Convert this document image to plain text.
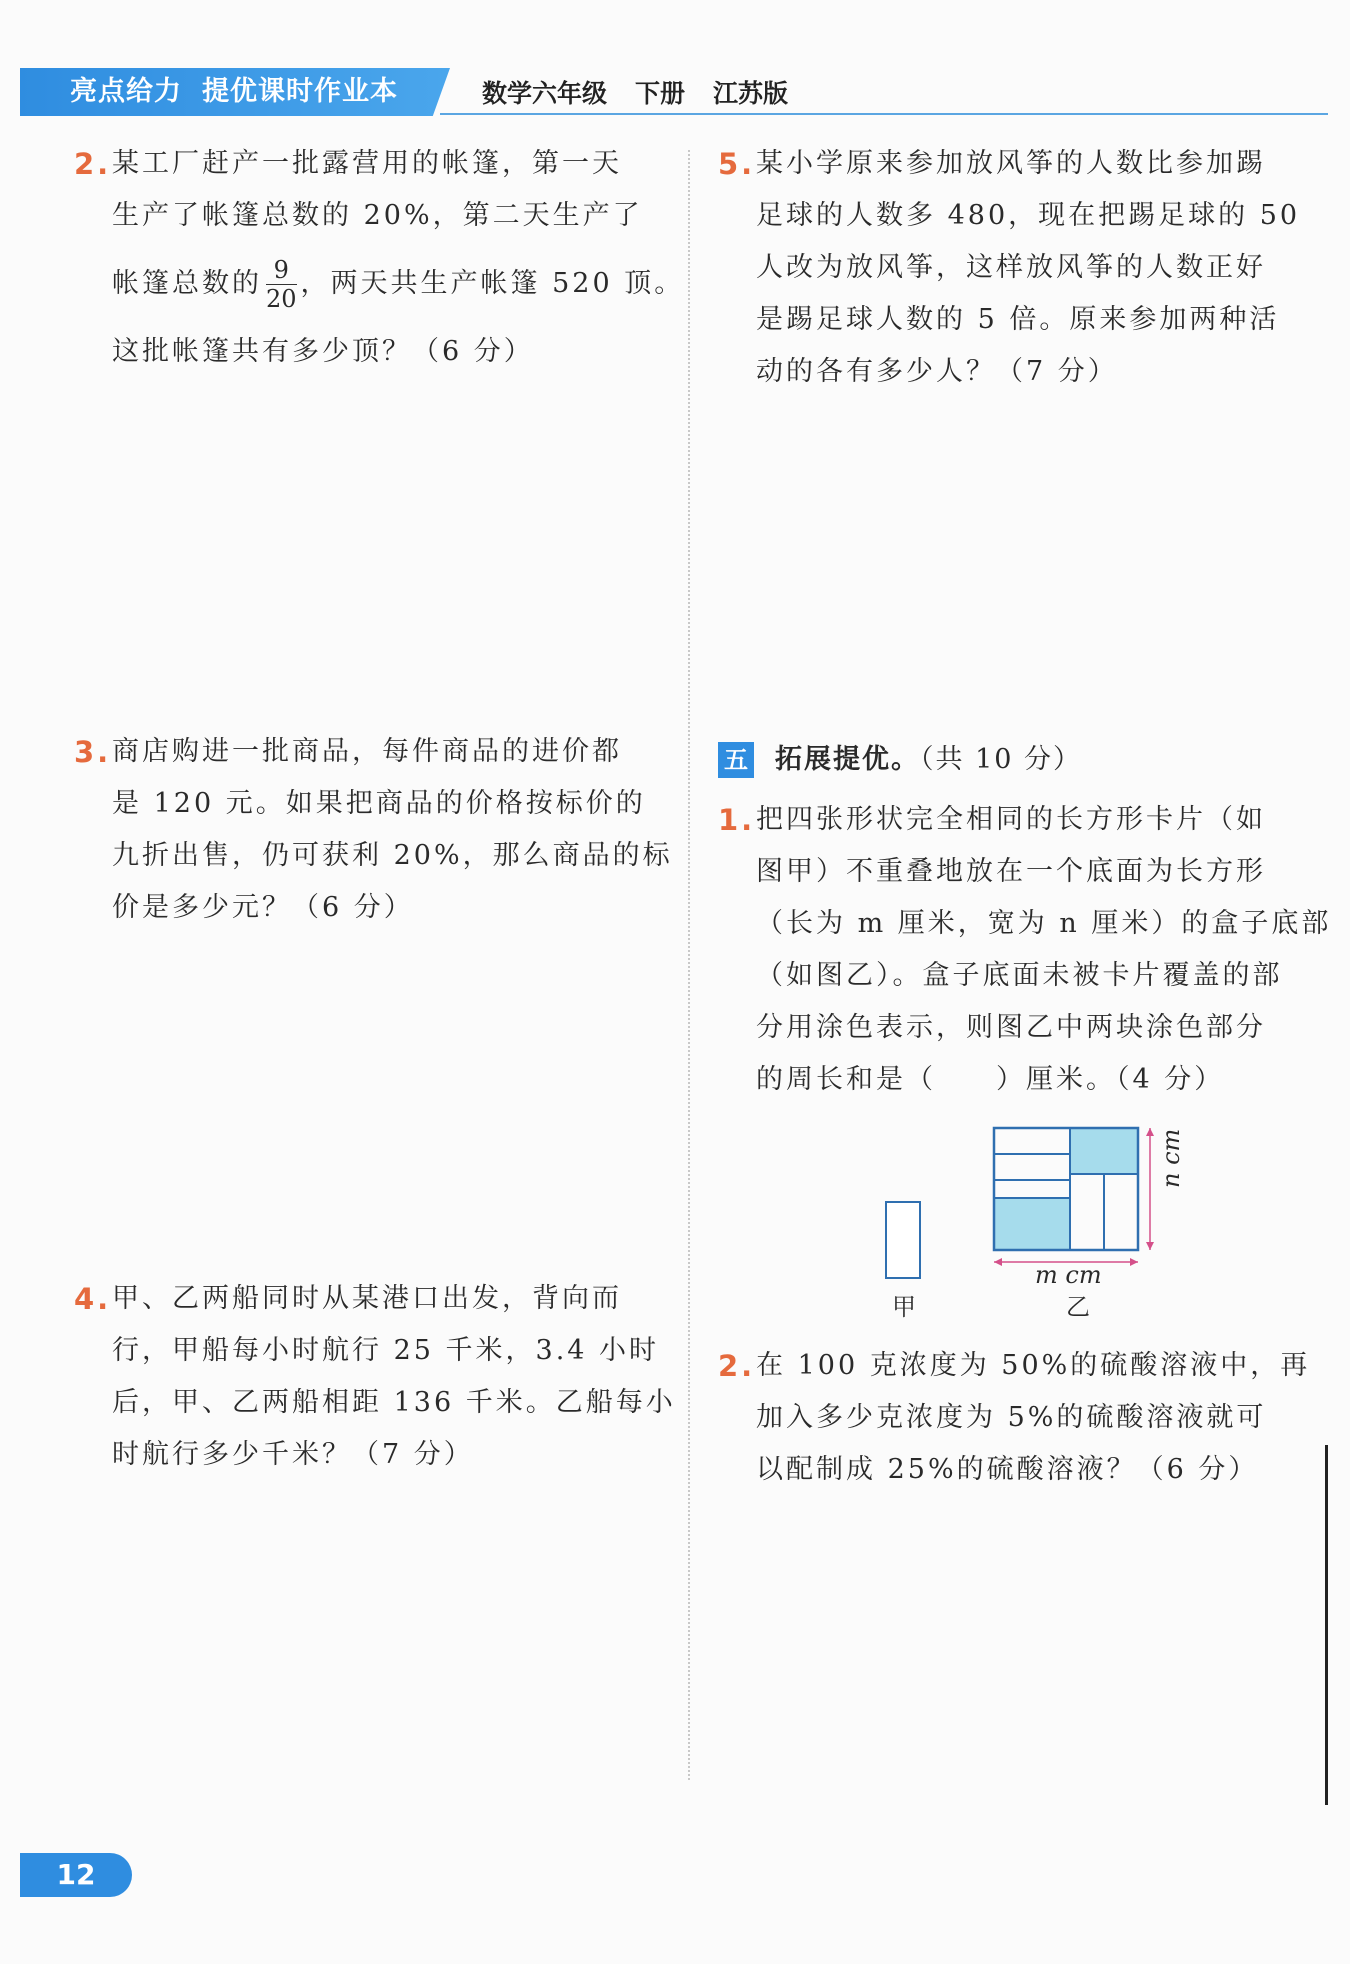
亮点给力 提优课时作业本	数学六年级 下册 江苏版
2. 某工厂赶产一批露营用的帐篷，第一天

生产了帐篷总数的 20%，第二天生产了

帐篷总数的 $\frac{9}{20}$ ，两天共生产帐篷 520 顶。

这批帐篷共有多少顶？（6 分）

3. 商店购进一批商品，每件商品的进价都

是 120 元。如果把商品的价格按标价的

九折出售，仍可获利 20%，那么商品的标

价是多少元？（6 分）

4. 甲、乙两船同时从某港口出发，背向而

行，甲船每小时航行 25 千米，3.4 小时

后，甲、乙两船相距 136 千米。乙船每小

时航行多少千米？（7 分）

5. 某小学原来参加放风筝的人数比参加踢

足球的人数多 480，现在把踢足球的 50

人改为放风筝，这样放风筝的人数正好

是踢足球人数的 5 倍。原来参加两种活

动的各有多少人？（7 分）

五 拓展提优。（共 10 分）
1. 把四张形状完全相同的长方形卡片（如

图甲）不重叠地放在一个底面为长方形

（长为 m 厘米，宽为 n 厘米）的盒子底部

（如图乙）。盒子底面未被卡片覆盖的部

分用涂色表示，则图乙中两块涂色部分

的周长和是（　　）厘米。（4 分）

m cm
n cm
甲	乙
2. 在 100 克浓度为 50%的硫酸溶液中，再

加入多少克浓度为 5%的硫酸溶液就可

以配制成 25%的硫酸溶液？（6 分）

12
